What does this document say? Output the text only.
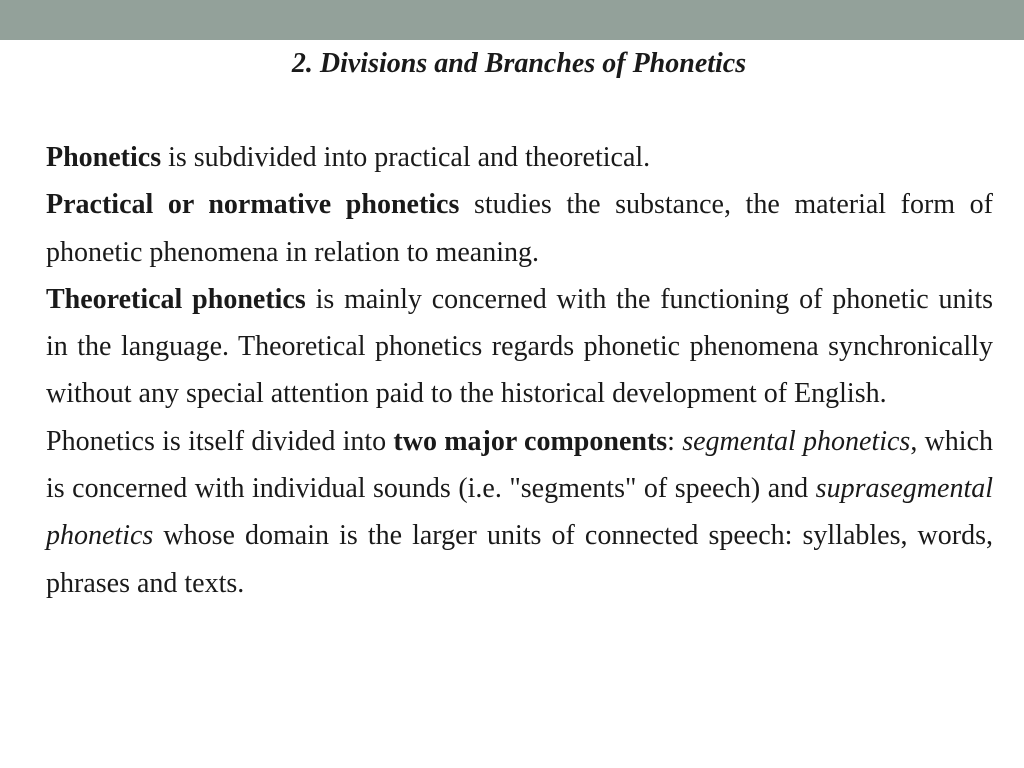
2. Divisions and Branches of Phonetics

Phonetics is subdivided into practical and theoretical.

Practical or normative phonetics studies the substance, the material form of phonetic phenomena in relation to meaning.

Theoretical phonetics is mainly concerned with the functioning of phonetic units in the language. Theoretical phonetics regards phonetic phenomena synchronically without any special attention paid to the historical development of English.

Phonetics is itself divided into two major components: segmental phonetics, which is concerned with individual sounds (i.e. "segments" of speech) and suprasegmental phonetics whose domain is the larger units of connected speech: syllables, words, phrases and texts.
